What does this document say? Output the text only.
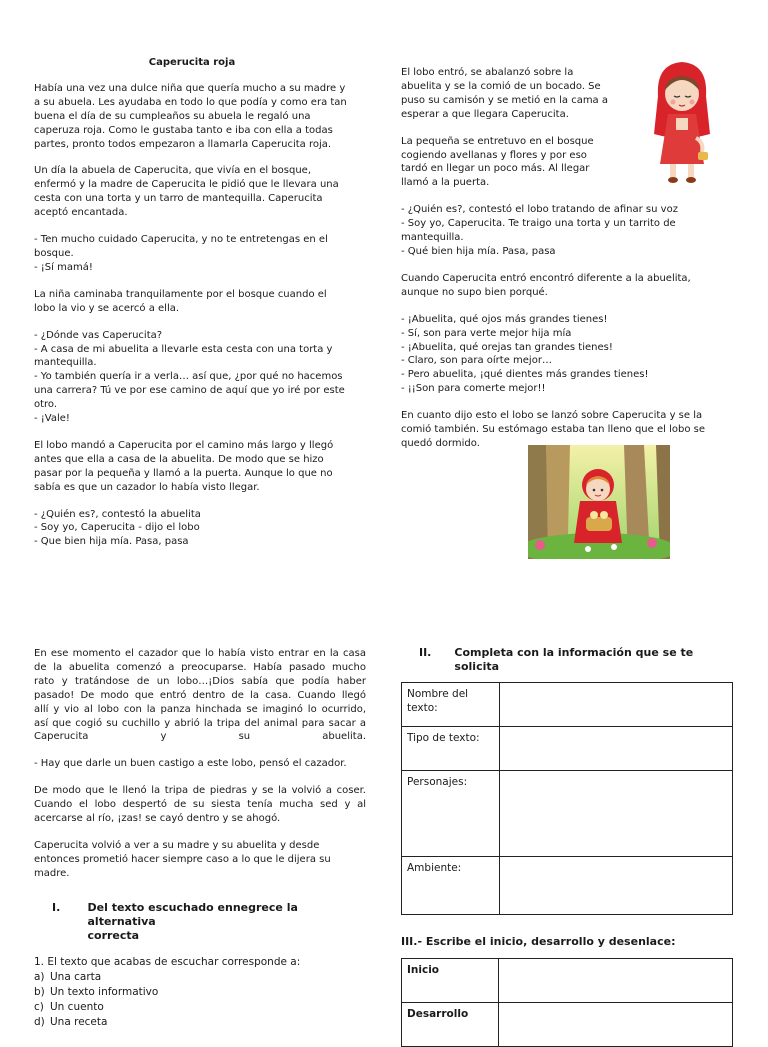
Caperucita roja

Había una vez una dulce niña que quería mucho a su madre y
a su abuela. Les ayudaba en todo lo que podía y como era tan
buena el día de su cumpleaños su abuela le regaló una
caperuza roja. Como le gustaba tanto e iba con ella a todas
partes, pronto todos empezaron a llamarla Caperucita roja.

Un día la abuela de Caperucita, que vivía en el bosque,
enfermó y la madre de Caperucita le pidió que le llevara una
cesta con una torta y un tarro de mantequilla. Caperucita
aceptó encantada.

- Ten mucho cuidado Caperucita, y no te entretengas en el
bosque.
- ¡Sí mamá!

La niña caminaba tranquilamente por el bosque cuando el
lobo la vio y se acercó a ella.

- ¿Dónde vas Caperucita?
- A casa de mi abuelita a llevarle esta cesta con una torta y
mantequilla.
- Yo también quería ir a verla… así que, ¿por qué no hacemos
una carrera? Tú ve por ese camino de aquí que yo iré por este
otro.
- ¡Vale!

El lobo mandó a Caperucita por el camino más largo y llegó
antes que ella a casa de la abuelita. De modo que se hizo
pasar por la pequeña y llamó a la puerta. Aunque lo que no
sabía es que un cazador lo había visto llegar.

- ¿Quién es?, contestó la abuelita
- Soy yo, Caperucita - dijo el lobo
- Que bien hija mía. Pasa, pasa

El lobo entró, se abalanzó sobre la
abuelita y se la comió de un bocado. Se
puso su camisón y se metió en la cama a
esperar a que llegara Caperucita.

La pequeña se entretuvo en el bosque
cogiendo avellanas y flores y por eso
tardó en llegar un poco más. Al llegar
llamó a la puerta.

- ¿Quién es?, contestó el lobo tratando de afinar su voz
- Soy yo, Caperucita. Te traigo una torta y un tarrito de
mantequilla.
- Qué bien hija mía. Pasa, pasa

Cuando Caperucita entró encontró diferente a la abuelita,
aunque no supo bien porqué.

- ¡Abuelita, qué ojos más grandes tienes!
- Sí, son para verte mejor hija mía
- ¡Abuelita, qué orejas tan grandes tienes!
- Claro, son para oírte mejor…
- Pero abuelita, ¡qué dientes más grandes tienes!
- ¡¡Son para comerte mejor!!

En cuanto dijo esto el lobo se lanzó sobre Caperucita y se la
comió también. Su estómago estaba tan lleno que el lobo se
quedó dormido.

En ese momento el cazador que lo había visto entrar en la casa
de la abuelita comenzó a preocuparse. Había pasado mucho
rato y tratándose de un lobo…¡Dios sabía que podía haber
pasado! De modo que entró dentro de la casa. Cuando llegó
allí y vio al lobo con la panza hinchada se imaginó lo ocurrido,
así que cogió su cuchillo y abrió la tripa del animal para sacar a
Caperucita y su abuelita.

- Hay que darle un buen castigo a este lobo, pensó el cazador.

De modo que le llenó la tripa de piedras y se la volvió a coser.
Cuando el lobo despertó de su siesta tenía mucha sed y al
acercarse al río, ¡zas! se cayó dentro y se ahogó.

Caperucita volvió a ver a su madre y su abuelita y desde
entonces prometió hacer siempre caso a lo que le dijera su
madre.

I.	Del texto escuchado ennegrece la alternativa
correcta
1. El texto que acabas de escuchar corresponde a:
a) Una carta
b) Un texto informativo
c) Un cuento
d) Una receta
II.	Completa con la información que se te solicita
Nombre del texto:	
Tipo de texto:	
Personajes:	
Ambiente:	
III.- Escribe el inicio, desarrollo y desenlace:
Inicio	
Desarrollo	
